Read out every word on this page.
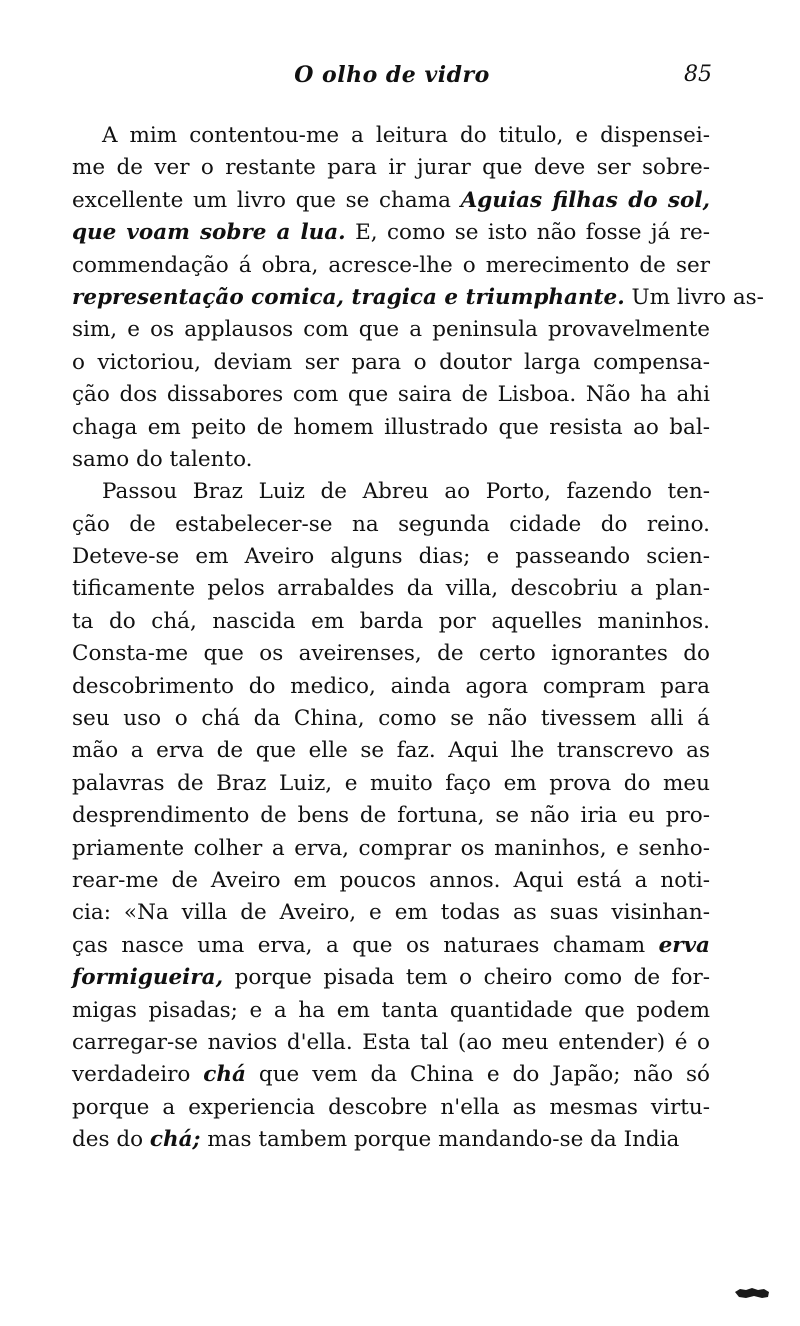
O olho de vidro	85
A mim contentou-me a leitura do titulo, e dispensei-
me de ver o restante para ir jurar que deve ser sobre-
excellente um livro que se chama Aguias filhas do sol,
que voam sobre a lua. E, como se isto não fosse já re-
commendação á obra, acresce-lhe o merecimento de ser
representação comica, tragica e triumphante. Um livro as-
sim, e os applausos com que a peninsula provavelmente
o victoriou, deviam ser para o doutor larga compensa-
ção dos dissabores com que saira de Lisboa. Não ha ahi
chaga em peito de homem illustrado que resista ao bal-
samo do talento.
Passou Braz Luiz de Abreu ao Porto, fazendo ten-
ção de estabelecer-se na segunda cidade do reino.
Deteve-se em Aveiro alguns dias; e passeando scien-
tificamente pelos arrabaldes da villa, descobriu a plan-
ta do chá, nascida em barda por aquelles maninhos.
Consta-me que os aveirenses, de certo ignorantes do
descobrimento do medico, ainda agora compram para
seu uso o chá da China, como se não tivessem alli á
mão a erva de que elle se faz. Aqui lhe transcrevo as
palavras de Braz Luiz, e muito faço em prova do meu
desprendimento de bens de fortuna, se não iria eu pro-
priamente colher a erva, comprar os maninhos, e senho-
rear-me de Aveiro em poucos annos. Aqui está a noti-
cia: «Na villa de Aveiro, e em todas as suas visinhan-
ças nasce uma erva, a que os naturaes chamam erva
formigueira, porque pisada tem o cheiro como de for-
migas pisadas; e a ha em tanta quantidade que podem
carregar-se navios d'ella. Esta tal (ao meu entender) é o
verdadeiro chá que vem da China e do Japão; não só
porque a experiencia descobre n'ella as mesmas virtu-
des do chá; mas tambem porque mandando-se da India
